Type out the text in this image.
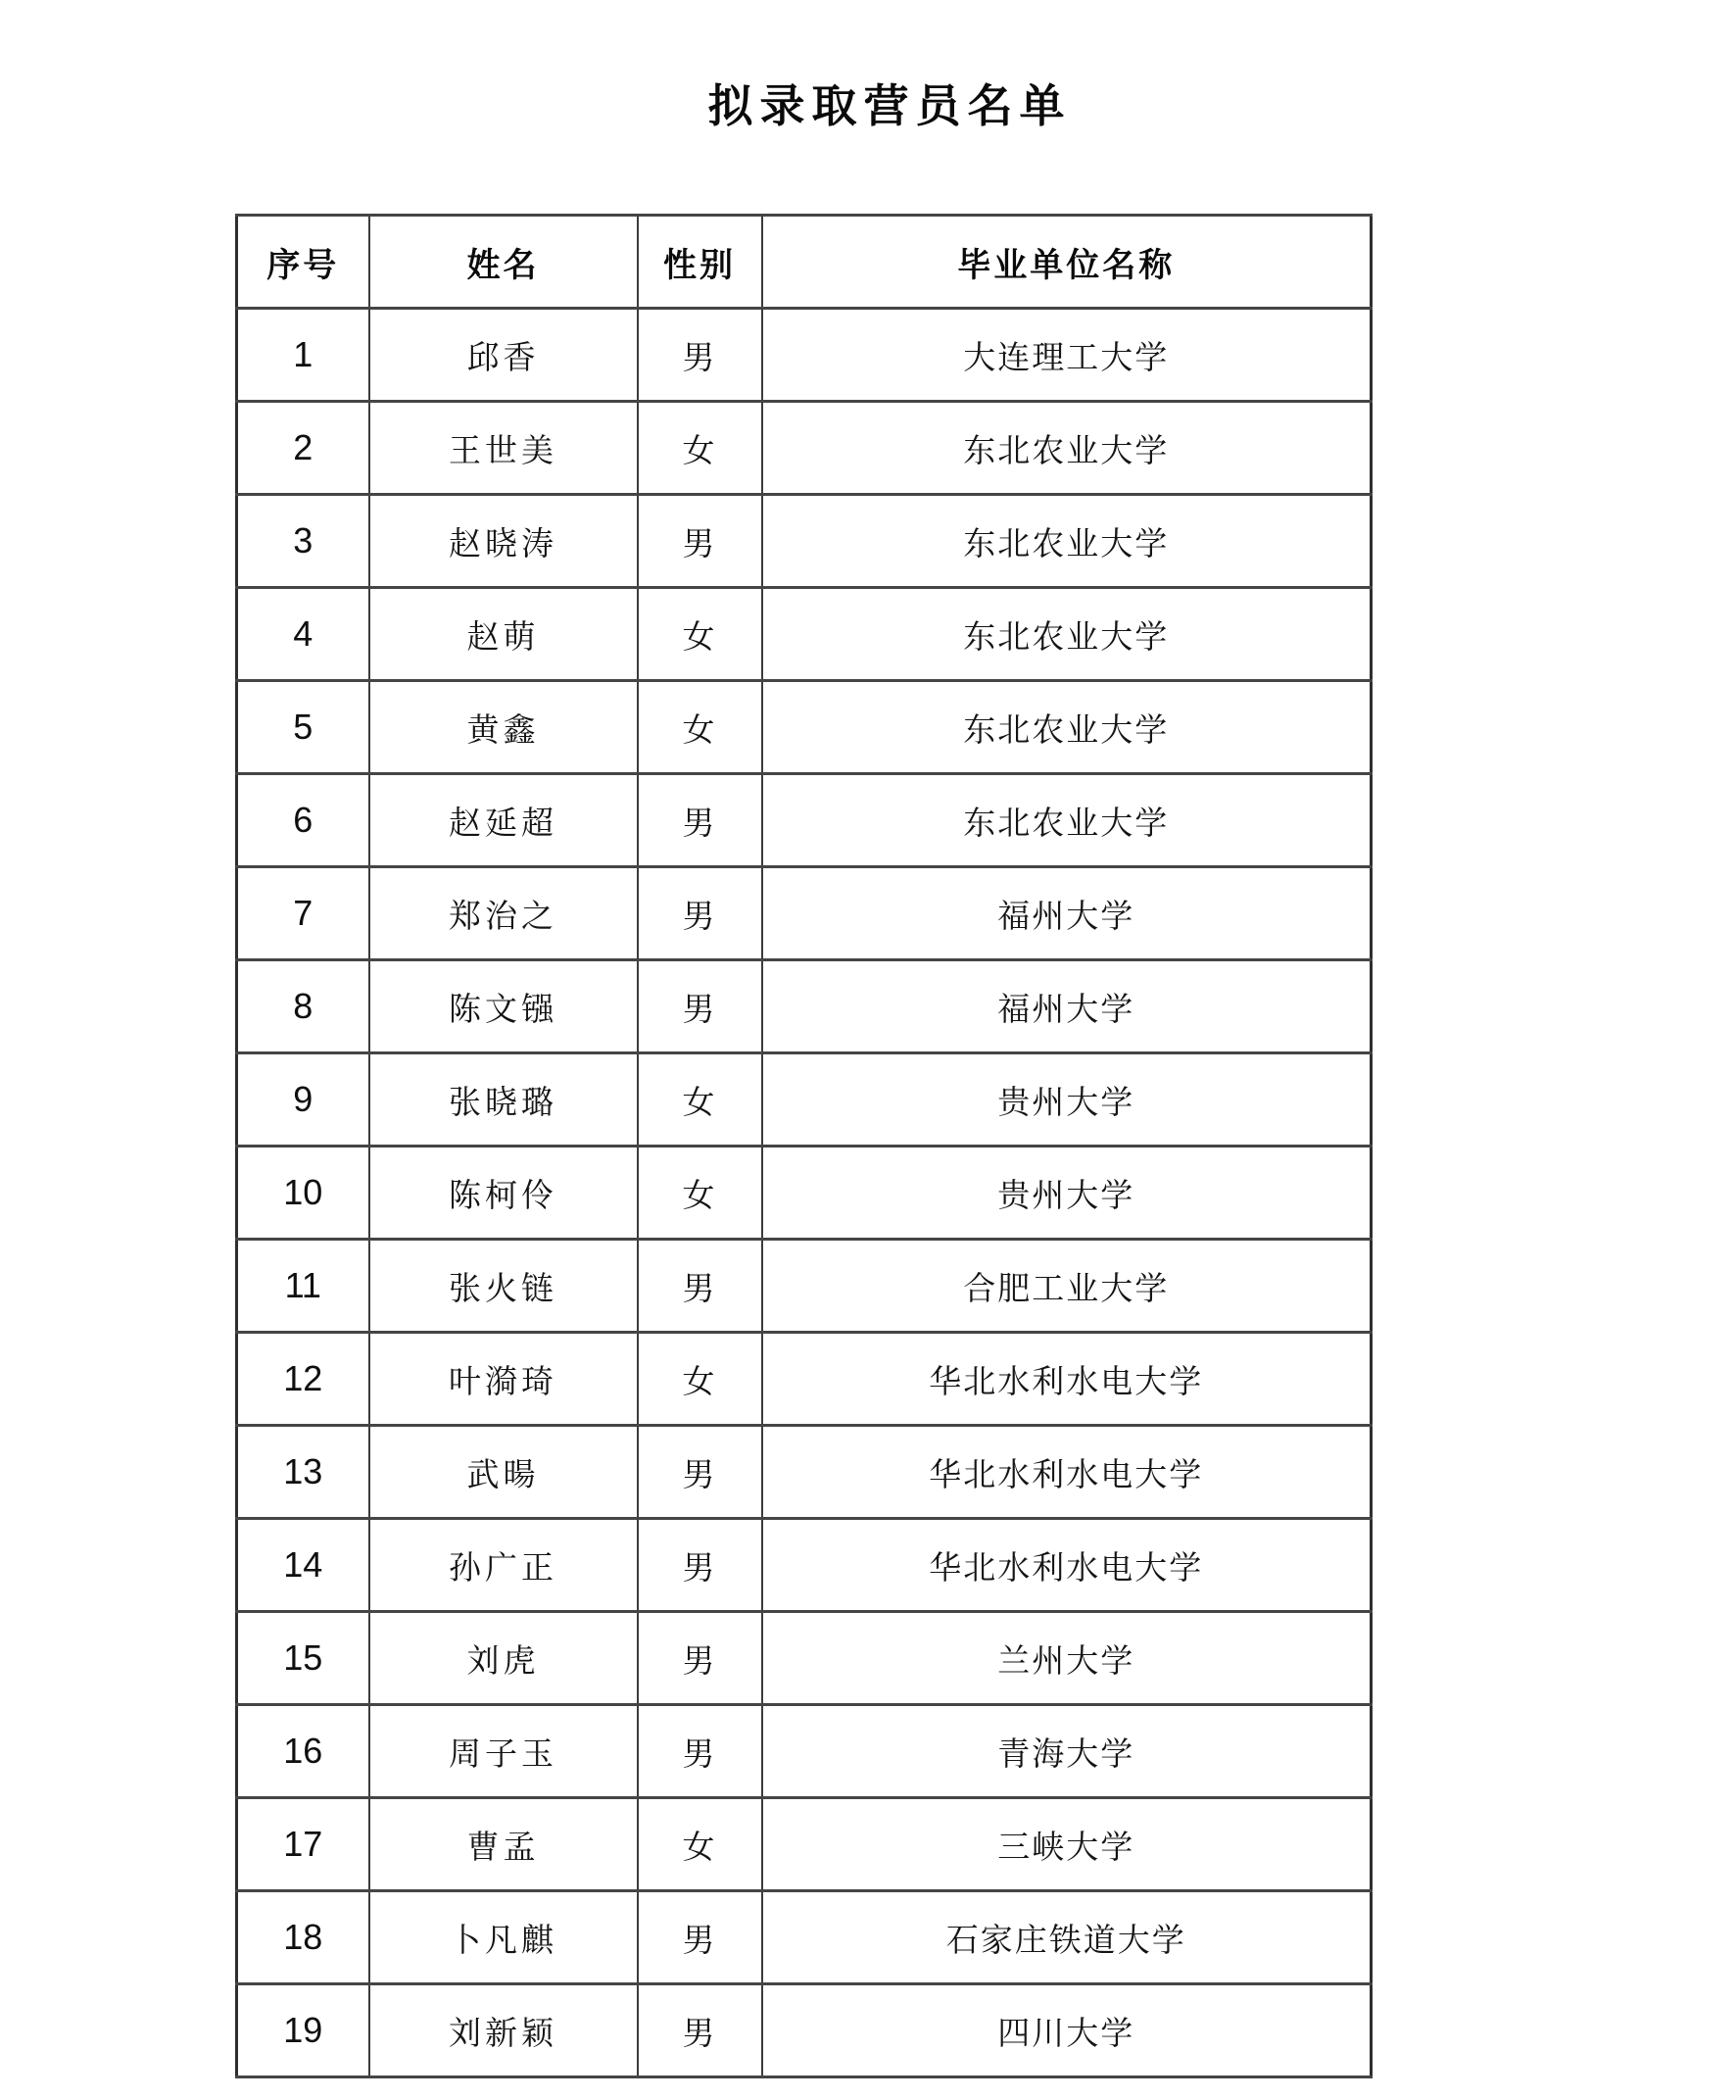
拟录取营员名单
序号	姓名	性别	毕业单位名称
1	邱香	男	大连理工大学
2	王世美	女	东北农业大学
3	赵晓涛	男	东北农业大学
4	赵萌	女	东北农业大学
5	黄鑫	女	东北农业大学
6	赵延超	男	东北农业大学
7	郑治之	男	福州大学
8	陈文镪	男	福州大学
9	张晓璐	女	贵州大学
10	陈柯伶	女	贵州大学
11	张火链	男	合肥工业大学
12	叶漪琦	女	华北水利水电大学
13	武暘	男	华北水利水电大学
14	孙广正	男	华北水利水电大学
15	刘虎	男	兰州大学
16	周子玉	男	青海大学
17	曹孟	女	三峡大学
18	卜凡麒	男	石家庄铁道大学
19	刘新颖	男	四川大学
